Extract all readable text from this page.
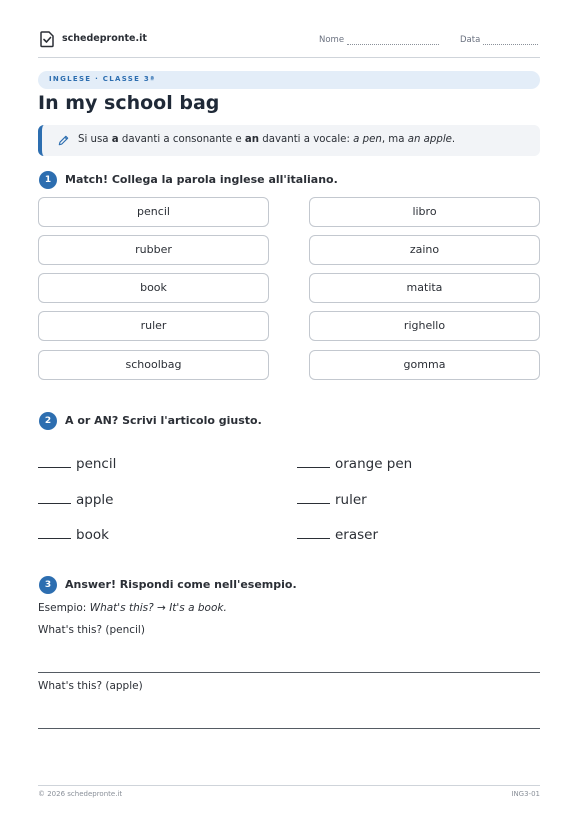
schedepronte.it	Nome	Data
INGLESE · CLASSE 3ª
In my school bag
Si usa a davanti a consonante e an davanti a vocale: a pen, ma an apple.
1	Match! Collega la parola inglese all'italiano.
pencil
rubber
book
ruler
schoolbag
libro
zaino
matita
righello
gomma
2	A or AN? Scrivi l'articolo giusto.
pencil
apple
book
orange pen
ruler
eraser
3	Answer! Rispondi come nell'esempio.
Esempio: What's this? → It's a book.
What's this? (pencil)
What's this? (apple)
© 2026 schedepronte.it	ING3-01
